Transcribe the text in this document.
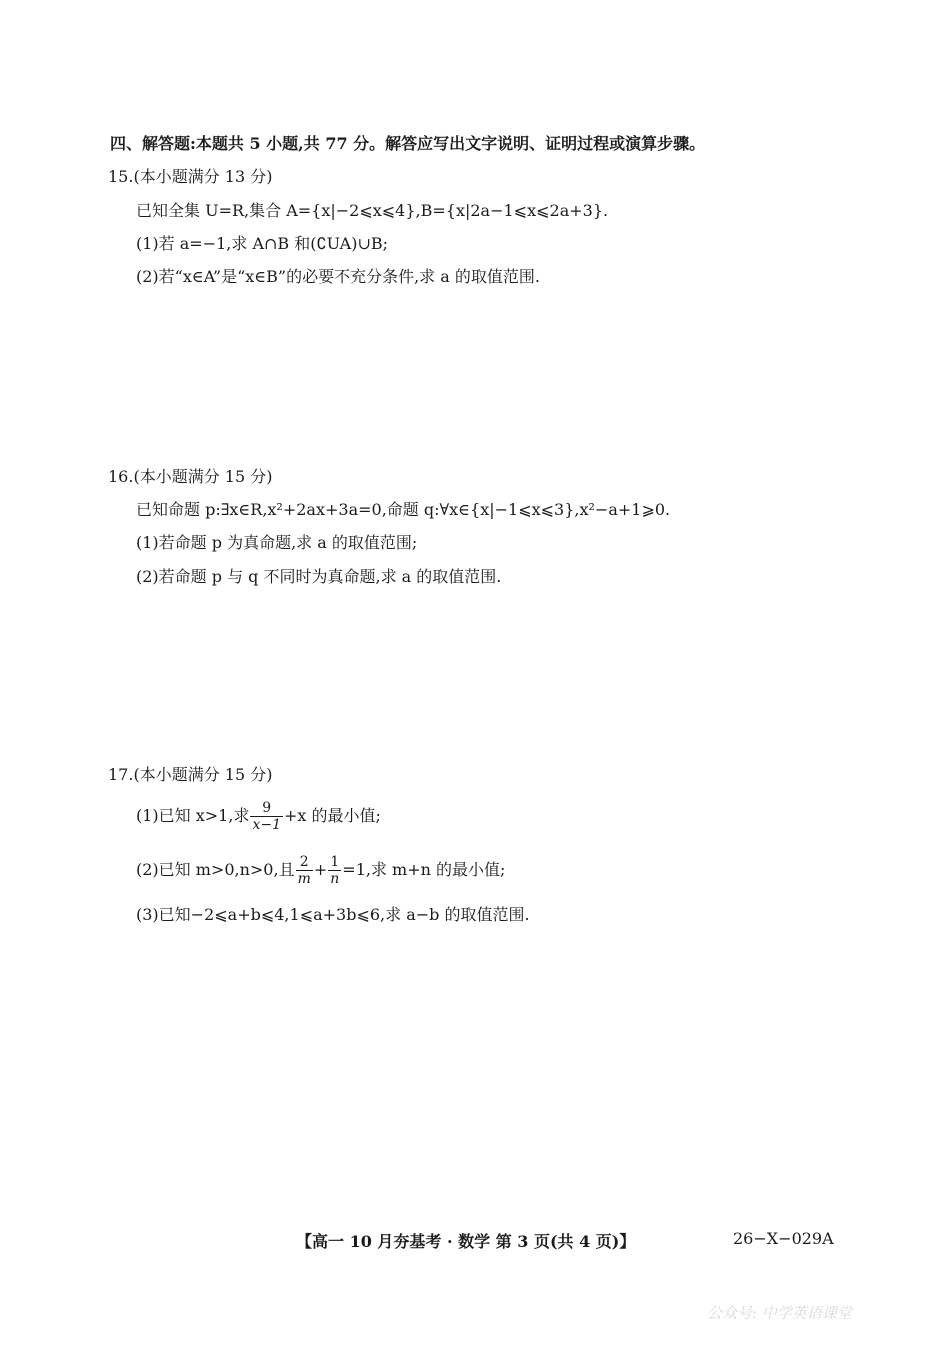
四、解答题:本题共 5 小题,共 77 分。解答应写出文字说明、证明过程或演算步骤。
15.(本小题满分 13 分)
已知全集 U=R,集合 A={x|−2⩽x⩽4},B={x|2a−1⩽x⩽2a+3}.
(1)若 a=−1,求 A∩B 和(∁UA)∪B;
(2)若“x∈A”是“x∈B”的必要不充分条件,求 a 的取值范围.
16.(本小题满分 15 分)
已知命题 p:∃x∈R,x²+2ax+3a=0,命题 q:∀x∈{x|−1⩽x⩽3},x²−a+1⩾0.
(1)若命题 p 为真命题,求 a 的取值范围;
(2)若命题 p 与 q 不同时为真命题,求 a 的取值范围.
17.(本小题满分 15 分)
(1)已知 x>1,求 $\frac{9}{x-1} +x$ 的最小值;
(2)已知 m>0,n>0,且 $\frac{2}{m} + \frac{1}{n} =1$,求 m+n 的最小值;
(3)已知−2⩽a+b⩽4,1⩽a+3b⩽6,求 a−b 的取值范围.
【高一 10 月夯基考 · 数学 第 3 页(共 4 页)】	26−X−029A
公众号: 中学英语课堂
